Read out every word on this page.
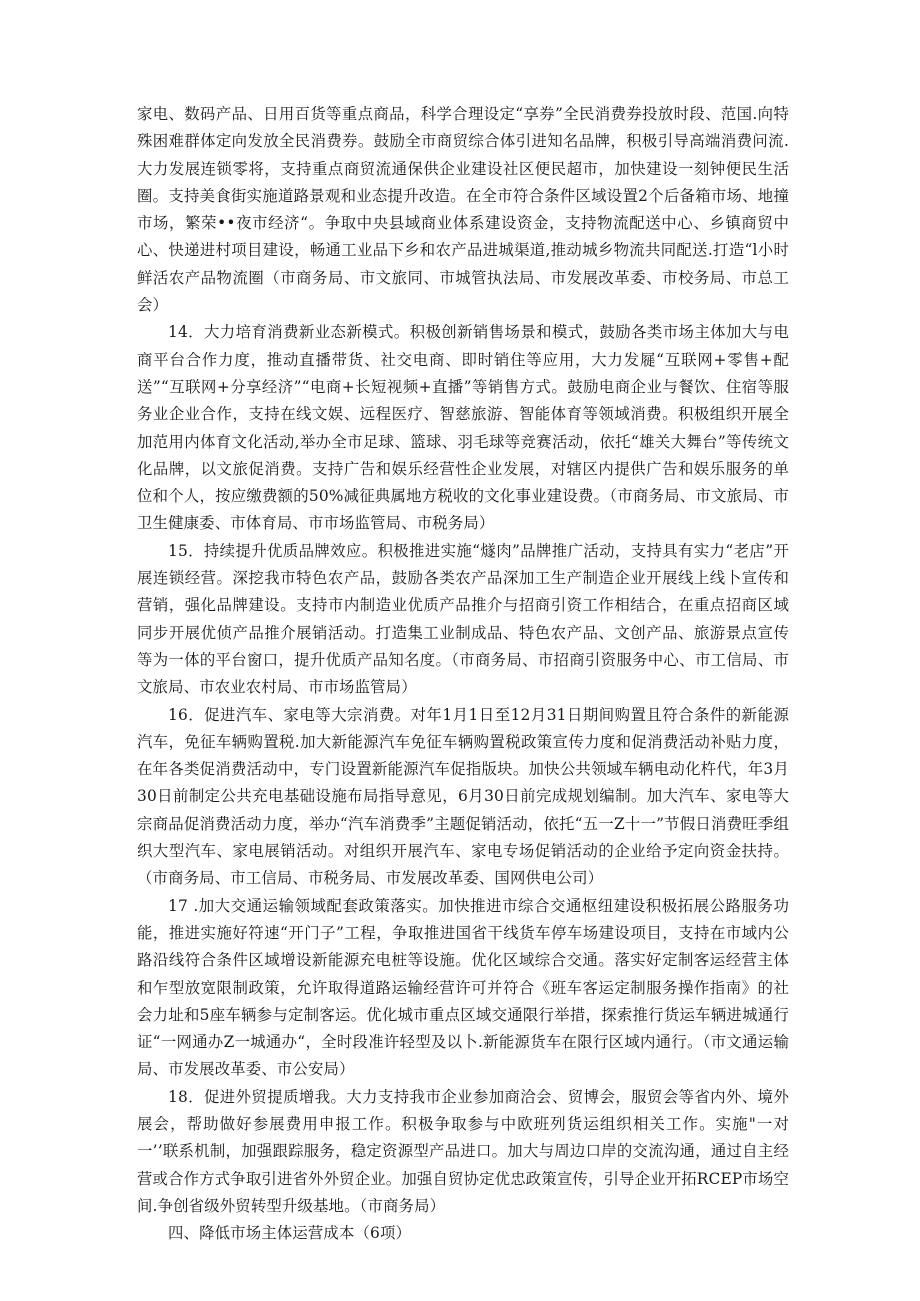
家电、数码产品、日用百货等重点商品，科学合理设定“享券”全民消费券投放时段、范国.向特殊困难群体定向发放全民消费券。鼓励全市商贸综合体引进知名品牌，积极引导高端消费问流.大力发展连锁零将，支持重点商贸流通保供企业建设社区便民超市，加快建设一刻钟便民生活圈。支持美食街实施道路景观和业态提升改造。在全市符合条件区域设置2个后备箱市场、地撞市场，繁荣••夜市经济“。争取中央县域商业体系建设资金，支持物流配送中心、乡镇商贸中心、快递进村项目建设，畅通工业品下乡和农产品进城渠道,推动城乡物流共同配送.打造“l小时鲜活农产品物流圈（市商务局、市文旅同、市城管执法局、市发展改革委、市校务局、市总工会）

14．大力培育消费新业态新模式。积极创新销售场景和模式，鼓励各类市场主体加大与电商平台合作力度，推动直播带货、社交电商、即时销住等应用，大力发屣“互联网+零售+配送”“互联网+分享经济”“电商+长短视频+直播”等销售方式。鼓励电商企业与餐饮、住宿等服务业企业合作，支持在线文娱、远程医疗、智慈旅游、智能体育等领域消费。积极组织开展全加范用内体育文化活动,举办全市足球、篮球、羽毛球等竞赛活动，依托“雄关大舞台”等传统文化品牌，以文旅促消费。支持广告和娱乐经营性企业发展，对辖区内提供广告和娱乐服务的单位和个人，按应缴费额的50%减征典属地方税收的文化事业建设费。（市商务局、市文旅局、市卫生健康委、市体育局、市市场监管局、市税务局）

15．持续提升优质品牌效应。积极推进实施“燧肉”品牌推广活动，支持具有实力“老店”开展连锁经营。深挖我市特色农产品，鼓励各类农产品深加工生产制造企业开展线上线卜宣传和营销，强化品牌建设。支持市内制造业优质产品推介与招商引资工作相结合，在重点招商区域同步开展优侦产品推介展销活动。打造集工业制成品、特色农产品、文创产品、旅游景点宣传等为一体的平台窗口，提升优质产品知名度。（市商务局、市招商引资服务中心、市工信局、市文旅局、市农业农村局、市市场监管局）

16．促进汽车、家电等大宗消费。对年1月1日至12月31日期间购置且符合条件的新能源汽车，免征车辆购置税.加大新能源汽车免征车辆购置税政策宣传力度和促消费活动补贴力度，在年各类促消费活动中，专门设置新能源汽车促指版块。加快公共领域车辆电动化杵代，年3月30日前制定公共充电基础设施布局指导意见，6月30日前完成规划编制。加大汽车、家电等大宗商品促消费活动力度，举办“汽车消费季”主题促销活动，依托“五一Z十一”节假日消费旺季组织大型汽车、家电展销活动。对组织开展汽车、家电专场促销活动的企业给予定向资金扶持。（市商务局、市工信局、市税务局、市发展改革委、国网供电公司）

17 .加大交通运输领域配套政策落实。加快推进市综合交通枢纽建设积极拓展公路服务功能，推进实施好符速“开门子”工程，争取推进国省干线货车停车场建设项目，支持在市域内公路沿线符合条件区域增设新能源充电桩等设施。优化区域综合交通。落实好定制客运经营主体和乍型放宽限制政策，允许取得道路运输经营许可并符合《班车客运定制服务操作指南》的社会力址和5座车辆参与定制客运。优化城市重点区域交通限行举措，探索推行货运车辆进城通行证“一网通办Z一城通办“，全时段准许轻型及以卜.新能源货车在限行区域内通行。（市文通运输局、市发展改革委、市公安局）

18．促进外贸提质增我。大力支持我市企业参加商洽会、贸博会，服贸会等省内外、境外展会，帮助做好参展费用申报工作。积极争取参与中欧班列货运组织相关工作。实施"一对一’’联系机制，加强跟踪服务，稳定资源型产品进口。加大与周边口岸的交流沟通，通过自主经营或合作方式争取引进省外外贸企业。加强自贸协定优忠政策宣传，引导企业开拓RCEP市场空间.争创省级外贸转型升级基地。（市商务局）

四、降低市场主体运营成本（6项）
